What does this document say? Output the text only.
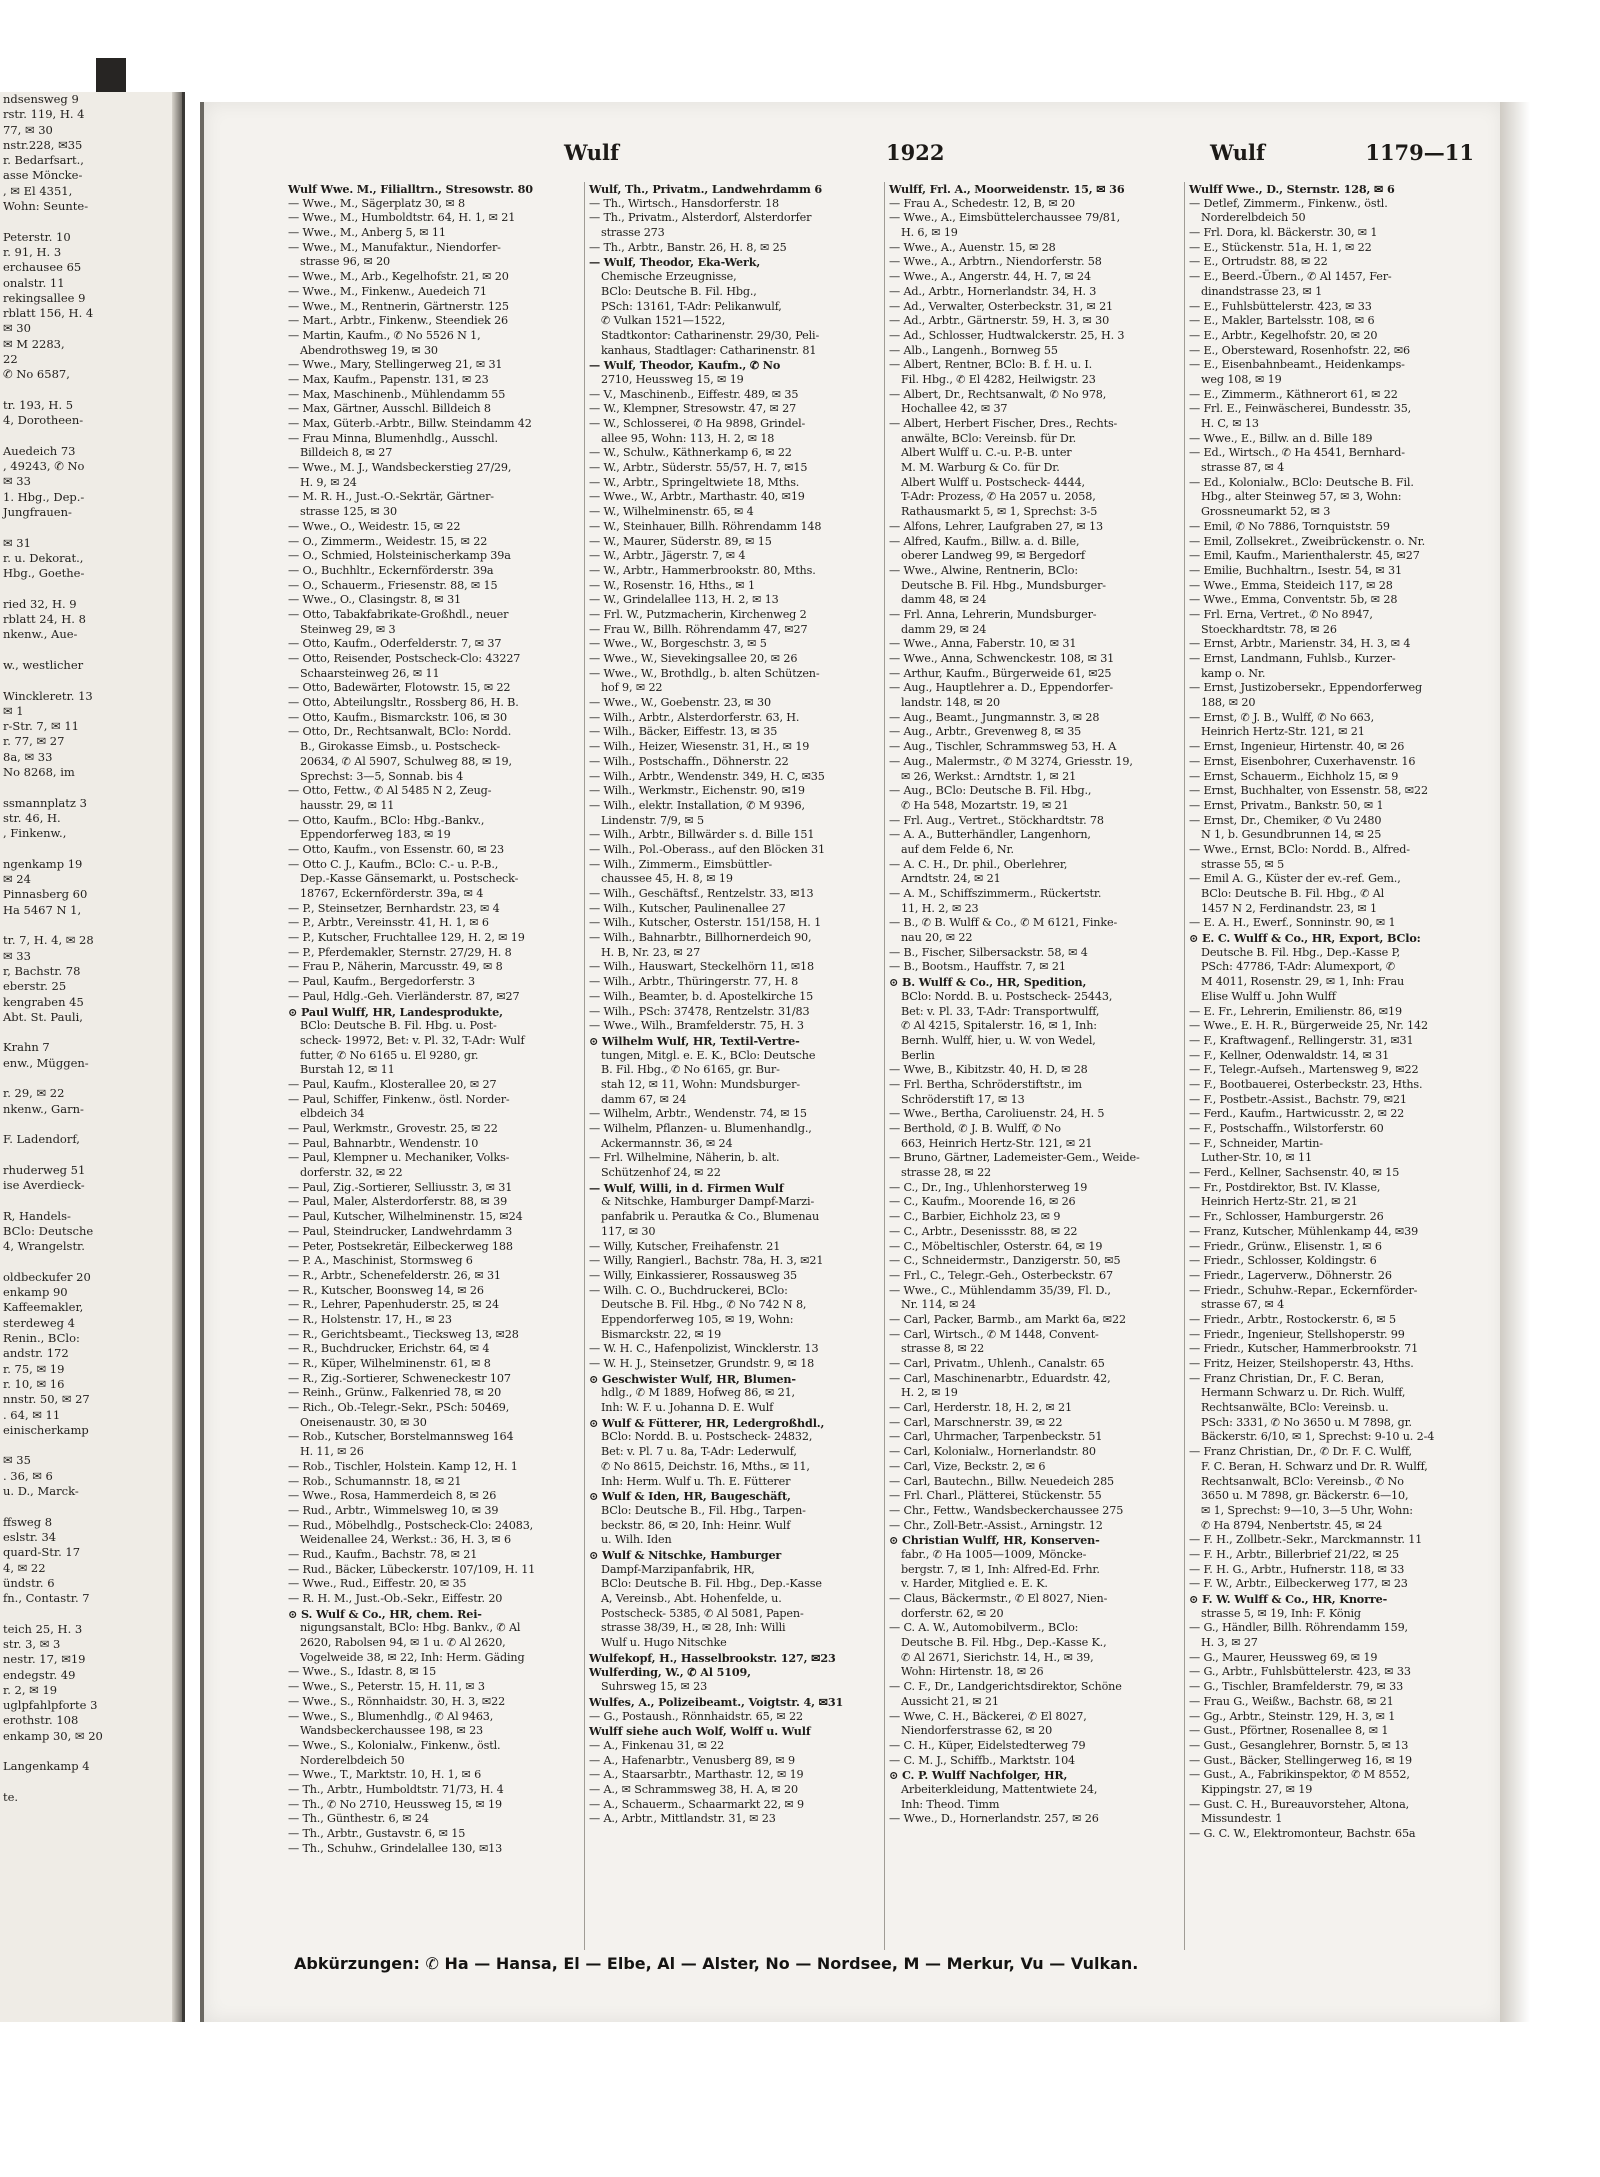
ndsensweg 9
rstr. 119, H. 4
77, ✉ 30
nstr.228, ✉35
r. Bedarfsart.,
asse Möncke-
, ✉ El 4351,
Wohn: Seunte-

Peterstr. 10
r. 91, H. 3
erchausee 65
onalstr. 11
rekingsallee 9
rblatt 156, H. 4
✉ 30
✉ M 2283,
22
✆ No 6587,

tr. 193, H. 5
4, Dorotheen-

Auedeich 73
, 49243, ✆ No
✉ 33
1. Hbg., Dep.-
Jungfrauen-

✉ 31
r. u. Dekorat.,
Hbg., Goethe-

ried 32, H. 9
rblatt 24, H. 8
nkenw., Aue-

w., westlicher

Winckleretr. 13
✉ 1
r-Str. 7, ✉ 11
r. 77, ✉ 27
8a, ✉ 33
No 8268, im

ssmannplatz 3
str. 46, H.
, Finkenw.,

ngenkamp 19
✉ 24
Pinnasberg 60
Ha 5467 N 1,

tr. 7, H. 4, ✉ 28
✉ 33
r, Bachstr. 78
eberstr. 25
kengraben 45
Abt. St. Pauli,

Krahn 7
enw., Müggen-

r. 29, ✉ 22
nkenw., Garn-

F. Ladendorf,

rhuderweg 51
ise Averdieck-

R, Handels-
BClo: Deutsche
4, Wrangelstr.

oldbeckufer 20
enkamp 90
Kaffeemakler,
sterdeweg 4
Renin., BClo:
andstr. 172
r. 75, ✉ 19
r. 10, ✉ 16
nnstr. 50, ✉ 27
. 64, ✉ 11
einischerkamp

✉ 35
. 36, ✉ 6
u. D., Marck-

ffsweg 8
eslstr. 34
quard-Str. 17
4, ✉ 22
ündstr. 6
fn., Contastr. 7

teich 25, H. 3
str. 3, ✉ 3
nestr. 17, ✉19
endegstr. 49
r. 2, ✉ 19
uglpfahlpforte 3
erothstr. 108
enkamp 30, ✉ 20

Langenkamp 4

te.
Wulf	1922	Wulf	1179—11
Wulf Wwe. M., Filialltrn., Stresowstr. 80
— Wwe., M., Sägerplatz 30, ✉ 8
— Wwe., M., Humboldtstr. 64, H. 1, ✉ 21
— Wwe., M., Anberg 5, ✉ 11
— Wwe., M., Manufaktur., Niendorfer-
strasse 96, ✉ 20
— Wwe., M., Arb., Kegelhofstr. 21, ✉ 20
— Wwe., M., Finkenw., Auedeich 71
— Wwe., M., Rentnerin, Gärtnerstr. 125
— Mart., Arbtr., Finkenw., Steendiek 26
— Martin, Kaufm., ✆ No 5526 N 1,
Abendrothsweg 19, ✉ 30
— Wwe., Mary, Stellingerweg 21, ✉ 31
— Max, Kaufm., Papenstr. 131, ✉ 23
— Max, Maschinenb., Mühlendamm 55
— Max, Gärtner, Ausschl. Billdeich 8
— Max, Güterb.-Arbtr., Billw. Steindamm 42
— Frau Minna, Blumenhdlg., Ausschl.
Billdeich 8, ✉ 27
— Wwe., M. J., Wandsbeckerstieg 27/29,
H. 9, ✉ 24
— M. R. H., Just.-O.-Sekrtär, Gärtner-
strasse 125, ✉ 30
— Wwe., O., Weidestr. 15, ✉ 22
— O., Zimmerm., Weidestr. 15, ✉ 22
— O., Schmied, Holsteinischerkamp 39a
— O., Buchhltr., Eckernförderstr. 39a
— O., Schauerm., Friesenstr. 88, ✉ 15
— Wwe., O., Clasingstr. 8, ✉ 31
— Otto, Tabakfabrikate-Großhdl., neuer
Steinweg 29, ✉ 3
— Otto, Kaufm., Oderfelderstr. 7, ✉ 37
— Otto, Reisender, Postscheck-Clo: 43227
Schaarsteinweg 26, ✉ 11
— Otto, Badewärter, Flotowstr. 15, ✉ 22
— Otto, Abteilungsltr., Rossberg 86, H. B.
— Otto, Kaufm., Bismarckstr. 106, ✉ 30
— Otto, Dr., Rechtsanwalt, BClo: Nordd.
B., Girokasse Eimsb., u. Postscheck-
20634, ✆ Al 5907, Schulweg 88, ✉ 19,
Sprechst: 3—5, Sonnab. bis 4
— Otto, Fettw., ✆ Al 5485 N 2, Zeug-
hausstr. 29, ✉ 11
— Otto, Kaufm., BClo: Hbg.-Bankv.,
Eppendorferweg 183, ✉ 19
— Otto, Kaufm., von Essenstr. 60, ✉ 23
— Otto C. J., Kaufm., BClo: C.- u. P.-B.,
Dep.-Kasse Gänsemarkt, u. Postscheck-
18767, Eckernförderstr. 39a, ✉ 4
— P., Steinsetzer, Bernhardstr. 23, ✉ 4
— P., Arbtr., Vereinsstr. 41, H. 1, ✉ 6
— P., Kutscher, Fruchtallee 129, H. 2, ✉ 19
— P., Pferdemakler, Sternstr. 27/29, H. 8
— Frau P., Näherin, Marcusstr. 49, ✉ 8
— Paul, Kaufm., Bergedorferstr. 3
— Paul, Hdlg.-Geh. Vierländerstr. 87, ✉27
⊙ Paul Wulff, HR, Landesprodukte,
BClo: Deutsche B. Fil. Hbg. u. Post-
scheck- 19972, Bet: v. Pl. 32, T-Adr: Wulf
futter, ✆ No 6165 u. El 9280, gr.
Burstah 12, ✉ 11
— Paul, Kaufm., Klosterallee 20, ✉ 27
— Paul, Schiffer, Finkenw., östl. Norder-
elbdeich 34
— Paul, Werkmstr., Grovestr. 25, ✉ 22
— Paul, Bahnarbtr., Wendenstr. 10
— Paul, Klempner u. Mechaniker, Volks-
dorferstr. 32, ✉ 22
— Paul, Zig.-Sortierer, Selliusstr. 3, ✉ 31
— Paul, Maler, Alsterdorferstr. 88, ✉ 39
— Paul, Kutscher, Wilhelminenstr. 15, ✉24
— Paul, Steindrucker, Landwehrdamm 3
— Peter, Postsekretär, Eilbeckerweg 188
— P. A., Maschinist, Stormsweg 6
— R., Arbtr., Schenefelderstr. 26, ✉ 31
— R., Kutscher, Boonsweg 14, ✉ 26
— R., Lehrer, Papenhuderstr. 25, ✉ 24
— R., Holstenstr. 17, H., ✉ 23
— R., Gerichtsbeamt., Tiecksweg 13, ✉28
— R., Buchdrucker, Erichstr. 64, ✉ 4
— R., Küper, Wilhelminenstr. 61, ✉ 8
— R., Zig.-Sortierer, Schweneckestr 107
— Reinh., Grünw., Falkenried 78, ✉ 20
— Rich., Ob.-Telegr.-Sekr., PSch: 50469,
Oneisenaustr. 30, ✉ 30
— Rob., Kutscher, Borstelmannsweg 164
H. 11, ✉ 26
— Rob., Tischler, Holstein. Kamp 12, H. 1
— Rob., Schumannstr. 18, ✉ 21
— Wwe., Rosa, Hammerdeich 8, ✉ 26
— Rud., Arbtr., Wimmelsweg 10, ✉ 39
— Rud., Möbelhdlg., Postscheck-Clo: 24083,
Weidenallee 24, Werkst.: 36, H. 3, ✉ 6
— Rud., Kaufm., Bachstr. 78, ✉ 21
— Rud., Bäcker, Lübeckerstr. 107/109, H. 11
— Wwe., Rud., Eiffestr. 20, ✉ 35
— R. H. M., Just.-Ob.-Sekr., Eiffestr. 20
⊙ S. Wulf & Co., HR, chem. Rei-
nigungsanstalt, BClo: Hbg. Bankv., ✆ Al
2620, Rabolsen 94, ✉ 1 u. ✆ Al 2620,
Vogelweide 38, ✉ 22, Inh: Herm. Gäding
— Wwe., S., Idastr. 8, ✉ 15
— Wwe., S., Peterstr. 15, H. 11, ✉ 3
— Wwe., S., Rönnhaidstr. 30, H. 3, ✉22
— Wwe., S., Blumenhdlg., ✆ Al 9463,
Wandsbeckerchaussee 198, ✉ 23
— Wwe., S., Kolonialw., Finkenw., östl.
Norderelbdeich 50
— Wwe., T., Marktstr. 10, H. 1, ✉ 6
— Th., Arbtr., Humboldtstr. 71/73, H. 4
— Th., ✆ No 2710, Heussweg 15, ✉ 19
— Th., Günthestr. 6, ✉ 24
— Th., Arbtr., Gustavstr. 6, ✉ 15
— Th., Schuhw., Grindelallee 130, ✉13
Wulf, Th., Privatm., Landwehrdamm 6
— Th., Wirtsch., Hansdorferstr. 18
— Th., Privatm., Alsterdorf, Alsterdorfer
strasse 273
— Th., Arbtr., Banstr. 26, H. 8, ✉ 25
— Wulf, Theodor, Eka-Werk,
Chemische Erzeugnisse,
BClo: Deutsche B. Fil. Hbg.,
PSch: 13161, T-Adr: Pelikanwulf,
✆ Vulkan 1521—1522,
Stadtkontor: Catharinenstr. 29/30, Peli-
kanhaus, Stadtlager: Catharinenstr. 81
— Wulf, Theodor, Kaufm., ✆ No
2710, Heussweg 15, ✉ 19
— V., Maschinenb., Eiffestr. 489, ✉ 35
— W., Klempner, Stresowstr. 47, ✉ 27
— W., Schlosserei, ✆ Ha 9898, Grindel-
allee 95, Wohn: 113, H. 2, ✉ 18
— W., Schulw., Käthnerkamp 6, ✉ 22
— W., Arbtr., Süderstr. 55/57, H. 7, ✉15
— W., Arbtr., Springeltwiete 18, Mths.
— Wwe., W., Arbtr., Marthastr. 40, ✉19
— W., Wilhelminenstr. 65, ✉ 4
— W., Steinhauer, Billh. Röhrendamm 148
— W., Maurer, Süderstr. 89, ✉ 15
— W., Arbtr., Jägerstr. 7, ✉ 4
— W., Arbtr., Hammerbrookstr. 80, Mths.
— W., Rosenstr. 16, Hths., ✉ 1
— W., Grindelallee 113, H. 2, ✉ 13
— Frl. W., Putzmacherin, Kirchenweg 2
— Frau W., Billh. Röhrendamm 47, ✉27
— Wwe., W., Borgeschstr. 3, ✉ 5
— Wwe., W., Sievekingsallee 20, ✉ 26
— Wwe., W., Brothdlg., b. alten Schützen-
hof 9, ✉ 22
— Wwe., W., Goebenstr. 23, ✉ 30
— Wilh., Arbtr., Alsterdorferstr. 63, H.
— Wilh., Bäcker, Eiffestr. 13, ✉ 35
— Wilh., Heizer, Wiesenstr. 31, H., ✉ 19
— Wilh., Postschaffn., Döhnerstr. 22
— Wilh., Arbtr., Wendenstr. 349, H. C, ✉35
— Wilh., Werkmstr., Eichenstr. 90, ✉19
— Wilh., elektr. Installation, ✆ M 9396,
Lindenstr. 7/9, ✉ 5
— Wilh., Arbtr., Billwärder s. d. Bille 151
— Wilh., Pol.-Oberass., auf den Blöcken 31
— Wilh., Zimmerm., Eimsbüttler-
chaussee 45, H. 8, ✉ 19
— Wilh., Geschäftsf., Rentzelstr. 33, ✉13
— Wilh., Kutscher, Paulinenallee 27
— Wilh., Kutscher, Osterstr. 151/158, H. 1
— Wilh., Bahnarbtr., Billhornerdeich 90,
H. B, Nr. 23, ✉ 27
— Wilh., Hauswart, Steckelhörn 11, ✉18
— Wilh., Arbtr., Thüringerstr. 77, H. 8
— Wilh., Beamter, b. d. Apostelkirche 15
— Wilh., PSch: 37478, Rentzelstr. 31/83
— Wwe., Wilh., Bramfelderstr. 75, H. 3
⊙ Wilhelm Wulf, HR, Textil-Vertre-
tungen, Mitgl. e. E. K., BClo: Deutsche
B. Fil. Hbg., ✆ No 6165, gr. Bur-
stah 12, ✉ 11, Wohn: Mundsburger-
damm 67, ✉ 24
— Wilhelm, Arbtr., Wendenstr. 74, ✉ 15
— Wilhelm, Pflanzen- u. Blumenhandlg.,
Ackermannstr. 36, ✉ 24
— Frl. Wilhelmine, Näherin, b. alt.
Schützenhof 24, ✉ 22
— Wulf, Willi, in d. Firmen Wulf
& Nitschke, Hamburger Dampf-Marzi-
panfabrik u. Perautka & Co., Blumenau
117, ✉ 30
— Willy, Kutscher, Freihafenstr. 21
— Willy, Rangierl., Bachstr. 78a, H. 3, ✉21
— Willy, Einkassierer, Rossausweg 35
— Wilh. C. O., Buchdruckerei, BClo:
Deutsche B. Fil. Hbg., ✆ No 742 N 8,
Eppendorferweg 105, ✉ 19, Wohn:
Bismarckstr. 22, ✉ 19
— W. H. C., Hafenpolizist, Wincklerstr. 13
— W. H. J., Steinsetzer, Grundstr. 9, ✉ 18
⊙ Geschwister Wulf, HR, Blumen-
hdlg., ✆ M 1889, Hofweg 86, ✉ 21,
Inh: W. F. u. Johanna D. E. Wulf
⊙ Wulf & Fütterer, HR, Ledergroßhdl.,
BClo: Nordd. B. u. Postscheck- 24832,
Bet: v. Pl. 7 u. 8a, T-Adr: Lederwulf,
✆ No 8615, Deichstr. 16, Mths., ✉ 11,
Inh: Herm. Wulf u. Th. E. Fütterer
⊙ Wulf & Iden, HR, Baugeschäft,
BClo: Deutsche B., Fil. Hbg., Tarpen-
beckstr. 86, ✉ 20, Inh: Heinr. Wulf
u. Wilh. Iden
⊙ Wulf & Nitschke, Hamburger
Dampf-Marzipanfabrik, HR,
BClo: Deutsche B. Fil. Hbg., Dep.-Kasse
A, Vereinsb., Abt. Hohenfelde, u.
Postscheck- 5385, ✆ Al 5081, Papen-
strasse 38/39, H., ✉ 28, Inh: Willi
Wulf u. Hugo Nitschke
Wulfekopf, H., Hasselbrookstr. 127, ✉23
Wulferding, W., ✆ Al 5109,
Suhrsweg 15, ✉ 23
Wulfes, A., Polizeibeamt., Voigtstr. 4, ✉31
— G., Postaush., Rönnhaidstr. 65, ✉ 22
Wulff siehe auch Wolf, Wolff u. Wulf
— A., Finkenau 31, ✉ 22
— A., Hafenarbtr., Venusberg 89, ✉ 9
— A., Staarsarbtr., Marthastr. 12, ✉ 19
— A., ✉ Schrammsweg 38, H. A, ✉ 20
— A., Schauerm., Schaarmarkt 22, ✉ 9
— A., Arbtr., Mittlandstr. 31, ✉ 23
Wulff, Frl. A., Moorweidenstr. 15, ✉ 36
— Frau A., Schedestr. 12, B, ✉ 20
— Wwe., A., Eimsbüttelerchaussee 79/81,
H. 6, ✉ 19
— Wwe., A., Auenstr. 15, ✉ 28
— Wwe., A., Arbtrn., Niendorferstr. 58
— Wwe., A., Angerstr. 44, H. 7, ✉ 24
— Ad., Arbtr., Hornerlandstr. 34, H. 3
— Ad., Verwalter, Osterbeckstr. 31, ✉ 21
— Ad., Arbtr., Gärtnerstr. 59, H. 3, ✉ 30
— Ad., Schlosser, Hudtwalckerstr. 25, H. 3
— Alb., Langenh., Bornweg 55
— Albert, Rentner, BClo: B. f. H. u. I.
Fil. Hbg., ✆ El 4282, Heilwigstr. 23
— Albert, Dr., Rechtsanwalt, ✆ No 978,
Hochallee 42, ✉ 37
— Albert, Herbert Fischer, Dres., Rechts-
anwälte, BClo: Vereinsb. für Dr.
Albert Wulff u. C.-u. P.-B. unter
M. M. Warburg & Co. für Dr.
Albert Wulff u. Postscheck- 4444,
T-Adr: Prozess, ✆ Ha 2057 u. 2058,
Rathausmarkt 5, ✉ 1, Sprechst: 3-5
— Alfons, Lehrer, Laufgraben 27, ✉ 13
— Alfred, Kaufm., Billw. a. d. Bille,
oberer Landweg 99, ✉ Bergedorf
— Wwe., Alwine, Rentnerin, BClo:
Deutsche B. Fil. Hbg., Mundsburger-
damm 48, ✉ 24
— Frl. Anna, Lehrerin, Mundsburger-
damm 29, ✉ 24
— Wwe., Anna, Faberstr. 10, ✉ 31
— Wwe., Anna, Schwenckestr. 108, ✉ 31
— Arthur, Kaufm., Bürgerweide 61, ✉25
— Aug., Hauptlehrer a. D., Eppendorfer-
landstr. 148, ✉ 20
— Aug., Beamt., Jungmannstr. 3, ✉ 28
— Aug., Arbtr., Grevenweg 8, ✉ 35
— Aug., Tischler, Schrammsweg 53, H. A
— Aug., Malermstr., ✆ M 3274, Griesstr. 19,
✉ 26, Werkst.: Arndtstr. 1, ✉ 21
— Aug., BClo: Deutsche B. Fil. Hbg.,
✆ Ha 548, Mozartstr. 19, ✉ 21
— Frl. Aug., Vertret., Stöckhardtstr. 78
— A. A., Butterhändler, Langenhorn,
auf dem Felde 6, Nr.
— A. C. H., Dr. phil., Oberlehrer,
Arndtstr. 24, ✉ 21
— A. M., Schiffszimmerm., Rückertstr.
11, H. 2, ✉ 23
— B., ✆ B. Wulff & Co., ✆ M 6121, Finke-
nau 20, ✉ 22
— B., Fischer, Silbersackstr. 58, ✉ 4
— B., Bootsm., Hauffstr. 7, ✉ 21
⊙ B. Wulff & Co., HR, Spedition,
BClo: Nordd. B. u. Postscheck- 25443,
Bet: v. Pl. 33, T-Adr: Transportwulff,
✆ Al 4215, Spitalerstr. 16, ✉ 1, Inh:
Bernh. Wulff, hier, u. W. von Wedel,
Berlin
— Wwe, B., Kibitzstr. 40, H. D, ✉ 28
— Frl. Bertha, Schröderstiftstr., im
Schröderstift 17, ✉ 13
— Wwe., Bertha, Caroliuenstr. 24, H. 5
— Berthold, ✆ J. B. Wulff, ✆ No
663, Heinrich Hertz-Str. 121, ✉ 21
— Bruno, Gärtner, Lademeister-Gem., Weide-
strasse 28, ✉ 22
— C., Dr., Ing., Uhlenhorsterweg 19
— C., Kaufm., Moorende 16, ✉ 26
— C., Barbier, Eichholz 23, ✉ 9
— C., Arbtr., Desenissstr. 88, ✉ 22
— C., Möbeltischler, Osterstr. 64, ✉ 19
— C., Schneidermstr., Danzigerstr. 50, ✉5
— Frl., C., Telegr.-Geh., Osterbeckstr. 67
— Wwe., C., Mühlendamm 35/39, Fl. D.,
Nr. 114, ✉ 24
— Carl, Packer, Barmb., am Markt 6a, ✉22
— Carl, Wirtsch., ✆ M 1448, Convent-
strasse 8, ✉ 22
— Carl, Privatm., Uhlenh., Canalstr. 65
— Carl, Maschinenarbtr., Eduardstr. 42,
H. 2, ✉ 19
— Carl, Herderstr. 18, H. 2, ✉ 21
— Carl, Marschnerstr. 39, ✉ 22
— Carl, Uhrmacher, Tarpenbeckstr. 51
— Carl, Kolonialw., Hornerlandstr. 80
— Carl, Vize, Beckstr. 2, ✉ 6
— Carl, Bautechn., Billw. Neuedeich 285
— Frl. Charl., Plätterei, Stückenstr. 55
— Chr., Fettw., Wandsbeckerchaussee 275
— Chr., Zoll-Betr.-Assist., Arningstr. 12
⊙ Christian Wulff, HR, Konserven-
fabr., ✆ Ha 1005—1009, Möncke-
bergstr. 7, ✉ 1, Inh: Alfred-Ed. Frhr.
v. Harder, Mitglied e. E. K.
— Claus, Bäckermstr., ✆ El 8027, Nien-
dorferstr. 62, ✉ 20
— C. A. W., Automobilverm., BClo:
Deutsche B. Fil. Hbg., Dep.-Kasse K.,
✆ Al 2671, Sierichstr. 14, H., ✉ 39,
Wohn: Hirtenstr. 18, ✉ 26
— C. F., Dr., Landgerichtsdirektor, Schöne
Aussicht 21, ✉ 21
— Wwe, C. H., Bäckerei, ✆ El 8027,
Niendorferstrasse 62, ✉ 20
— C. H., Küper, Eidelstedterweg 79
— C. M. J., Schiffb., Marktstr. 104
⊙ C. P. Wulff Nachfolger, HR,
Arbeiterkleidung, Mattentwiete 24,
Inh: Theod. Timm
— Wwe., D., Hornerlandstr. 257, ✉ 26
Wulff Wwe., D., Sternstr. 128, ✉ 6
— Detlef, Zimmerm., Finkenw., östl.
Norderelbdeich 50
— Frl. Dora, kl. Bäckerstr. 30, ✉ 1
— E., Stückenstr. 51a, H. 1, ✉ 22
— E., Ortrudstr. 88, ✉ 22
— E., Beerd.-Übern., ✆ Al 1457, Fer-
dinandstrasse 23, ✉ 1
— E., Fuhlsbüttelerstr. 423, ✉ 33
— E., Makler, Bartelsstr. 108, ✉ 6
— E., Arbtr., Kegelhofstr. 20, ✉ 20
— E., Obersteward, Rosenhofstr. 22, ✉6
— E., Eisenbahnbeamt., Heidenkamps-
weg 108, ✉ 19
— E., Zimmerm., Käthnerort 61, ✉ 22
— Frl. E., Feinwäscherei, Bundesstr. 35,
H. C, ✉ 13
— Wwe., E., Billw. an d. Bille 189
— Ed., Wirtsch., ✆ Ha 4541, Bernhard-
strasse 87, ✉ 4
— Ed., Kolonialw., BClo: Deutsche B. Fil.
Hbg., alter Steinweg 57, ✉ 3, Wohn:
Grossneumarkt 52, ✉ 3
— Emil, ✆ No 7886, Tornquiststr. 59
— Emil, Zollsekret., Zweibrückenstr. o. Nr.
— Emil, Kaufm., Marienthalerstr. 45, ✉27
— Emilie, Buchhaltrn., Isestr. 54, ✉ 31
— Wwe., Emma, Steideich 117, ✉ 28
— Wwe., Emma, Conventstr. 5b, ✉ 28
— Frl. Erna, Vertret., ✆ No 8947,
Stoeckhardtstr. 78, ✉ 26
— Ernst, Arbtr., Marienstr. 34, H. 3, ✉ 4
— Ernst, Landmann, Fuhlsb., Kurzer-
kamp o. Nr.
— Ernst, Justizobersekr., Eppendorferweg
188, ✉ 20
— Ernst, ✆ J. B., Wulff, ✆ No 663,
Heinrich Hertz-Str. 121, ✉ 21
— Ernst, Ingenieur, Hirtenstr. 40, ✉ 26
— Ernst, Eisenbohrer, Cuxerhavenstr. 16
— Ernst, Schauerm., Eichholz 15, ✉ 9
— Ernst, Buchhalter, von Essenstr. 58, ✉22
— Ernst, Privatm., Bankstr. 50, ✉ 1
— Ernst, Dr., Chemiker, ✆ Vu 2480
N 1, b. Gesundbrunnen 14, ✉ 25
— Wwe., Ernst, BClo: Nordd. B., Alfred-
strasse 55, ✉ 5
— Emil A. G., Küster der ev.-ref. Gem.,
BClo: Deutsche B. Fil. Hbg., ✆ Al
1457 N 2, Ferdinandstr. 23, ✉ 1
— E. A. H., Ewerf., Sonninstr. 90, ✉ 1
⊙ E. C. Wulff & Co., HR, Export, BClo:
Deutsche B. Fil. Hbg., Dep.-Kasse P,
PSch: 47786, T-Adr: Alumexport, ✆
M 4011, Rosenstr. 29, ✉ 1, Inh: Frau
Elise Wulff u. John Wulff
— E. Fr., Lehrerin, Emilienstr. 86, ✉19
— Wwe., E. H. R., Bürgerweide 25, Nr. 142
— F., Kraftwagenf., Rellingerstr. 31, ✉31
— F., Kellner, Odenwaldstr. 14, ✉ 31
— F., Telegr.-Aufseh., Martensweg 9, ✉22
— F., Bootbauerei, Osterbeckstr. 23, Hths.
— F., Postbetr.-Assist., Bachstr. 79, ✉21
— Ferd., Kaufm., Hartwicusstr. 2, ✉ 22
— F., Postschaffn., Wilstorferstr. 60
— F., Schneider, Martin-
Luther-Str. 10, ✉ 11
— Ferd., Kellner, Sachsenstr. 40, ✉ 15
— Fr., Postdirektor, Bst. IV. Klasse,
Heinrich Hertz-Str. 21, ✉ 21
— Fr., Schlosser, Hamburgerstr. 26
— Franz, Kutscher, Mühlenkamp 44, ✉39
— Friedr., Grünw., Elisenstr. 1, ✉ 6
— Friedr., Schlosser, Koldingstr. 6
— Friedr., Lagerverw., Döhnerstr. 26
— Friedr., Schuhw.-Repar., Eckernförder-
strasse 67, ✉ 4
— Friedr., Arbtr., Rostockerstr. 6, ✉ 5
— Friedr., Ingenieur, Stellshoperstr. 99
— Friedr., Kutscher, Hammerbrookstr. 71
— Fritz, Heizer, Steilshoperstr. 43, Hths.
— Franz Christian, Dr., F. C. Beran,
Hermann Schwarz u. Dr. Rich. Wulff,
Rechtsanwälte, BClo: Vereinsb. u.
PSch: 3331, ✆ No 3650 u. M 7898, gr.
Bäckerstr. 6/10, ✉ 1, Sprechst: 9-10 u. 2-4
— Franz Christian, Dr., ✆ Dr. F. C. Wulff,
F. C. Beran, H. Schwarz und Dr. R. Wulff,
Rechtsanwalt, BClo: Vereinsb., ✆ No
3650 u. M 7898, gr. Bäckerstr. 6—10,
✉ 1, Sprechst: 9—10, 3—5 Uhr, Wohn:
✆ Ha 8794, Nenbertstr. 45, ✉ 24
— F. H., Zollbetr.-Sekr., Marckmannstr. 11
— F. H., Arbtr., Billerbrief 21/22, ✉ 25
— F. H. G., Arbtr., Hufnerstr. 118, ✉ 33
— F. W., Arbtr., Eilbeckerweg 177, ✉ 23
⊙ F. W. Wulff & Co., HR, Knorre-
strasse 5, ✉ 19, Inh: F. König
— G., Händler, Billh. Röhrendamm 159,
H. 3, ✉ 27
— G., Maurer, Heussweg 69, ✉ 19
— G., Arbtr., Fuhlsbüttelerstr. 423, ✉ 33
— G., Tischler, Bramfelderstr. 79, ✉ 33
— Frau G., Weißw., Bachstr. 68, ✉ 21
— Gg., Arbtr., Steinstr. 129, H. 3, ✉ 1
— Gust., Pförtner, Rosenallee 8, ✉ 1
— Gust., Gesanglehrer, Bornstr. 5, ✉ 13
— Gust., Bäcker, Stellingerweg 16, ✉ 19
— Gust., A., Fabrikinspektor, ✆ M 8552,
Kippingstr. 27, ✉ 19
— Gust. C. H., Bureauvorsteher, Altona,
Missundestr. 1
— G. C. W., Elektromonteur, Bachstr. 65a
Abkürzungen: ✆ Ha — Hansa, El — Elbe, Al — Alster, No — Nordsee, M — Merkur, Vu — Vulkan.
